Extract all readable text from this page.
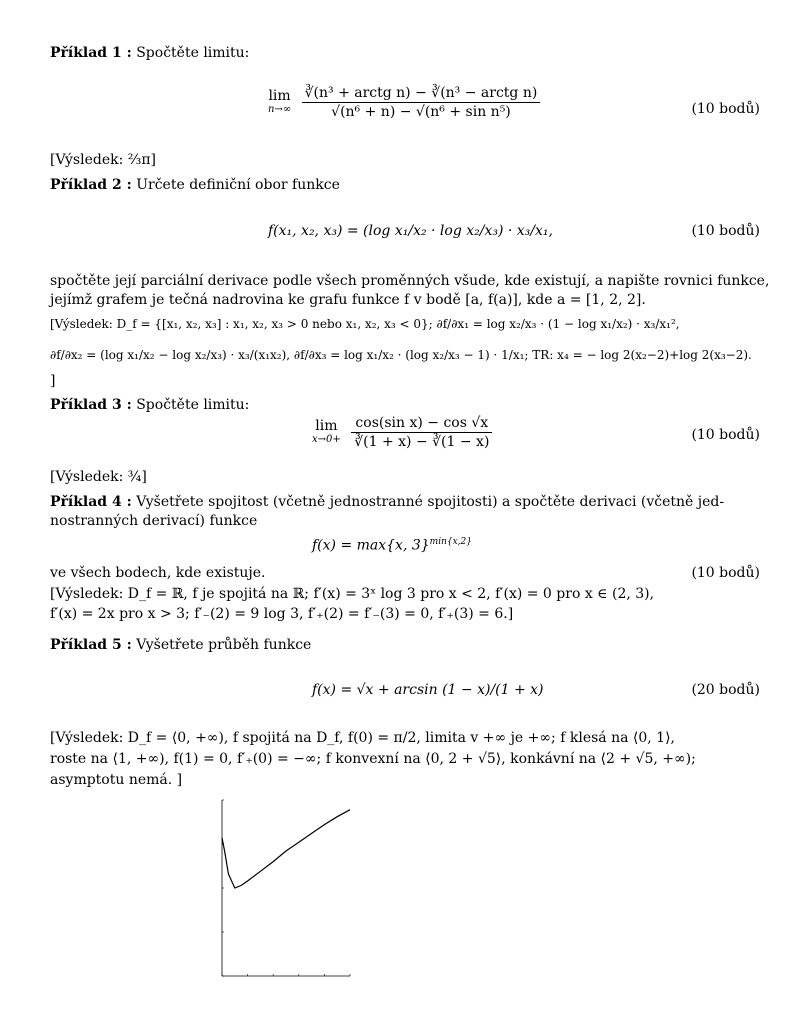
Příklad 1 : Spočtěte limitu:
lim
n→∞
$\frac{\text{∛(n³ + arctg n) − ∛(n³ − arctg n)}}{\text{√(n⁶ + n) − √(n⁶ + sin n⁵)}}$	(10 bodů)
[Výsledek: ⅔π]
Příklad 2 : Určete definiční obor funkce
f(x₁, x₂, x₃) = (log x₁/x₂ · log x₂/x₃) · x₃/x₁,	(10 bodů)
spočtěte její parciální derivace podle všech proměnných všude, kde existují, a napište rovnici funkce,
jejímž grafem je tečná nadrovina ke grafu funkce f v bodě [a, f(a)], kde a = [1, 2, 2].
[Výsledek: D_f = {[x₁, x₂, x₃] : x₁, x₂, x₃ > 0 nebo x₁, x₂, x₃ < 0}; ∂f/∂x₁ = log x₂/x₃ · (1 − log x₁/x₂) · x₃/x₁²,
∂f/∂x₂ = (log x₁/x₂ − log x₂/x₃) · x₃/(x₁x₂), ∂f/∂x₃ = log x₁/x₂ · (log x₂/x₃ − 1) · 1/x₁; TR: x₄ = − log 2(x₂−2)+log 2(x₃−2).
]
Příklad 3 : Spočtěte limitu:
lim
x→0+
$\frac{\text{cos(sin x) − cos √x}}{∛(1 + x) - ∛(1 - x)}$	(10 bodů)
[Výsledek: ¾]
Příklad 4 : Vyšetřete spojitost (včetně jednostranné spojitosti) a spočtěte derivaci (včetně jed-
nostranných derivací) funkce
f(x) = max{x, 3}$^{min\{x,2\}}$
ve všech bodech, kde existuje.	(10 bodů)
[Výsledek: D_f = ℝ, f je spojitá na ℝ; f′(x) = 3ˣ log 3 pro x < 2, f′(x) = 0 pro x ∈ (2, 3),
f′(x) = 2x pro x > 3; f′₋(2) = 9 log 3, f′₊(2) = f′₋(3) = 0, f′₊(3) = 6.]
Příklad 5 : Vyšetřete průběh funkce
f(x) = √x + arcsin (1 − x)/(1 + x)	(20 bodů)
[Výsledek: D_f = ⟨0, +∞), f spojitá na D_f, f(0) = π/2, limita v +∞ je +∞; f klesá na ⟨0, 1⟩,
roste na ⟨1, +∞), f(1) = 0, f′₊(0) = −∞; f konvexní na ⟨0, 2 + √5⟩, konkávní na ⟨2 + √5, +∞);
asymptotu nemá. ]
